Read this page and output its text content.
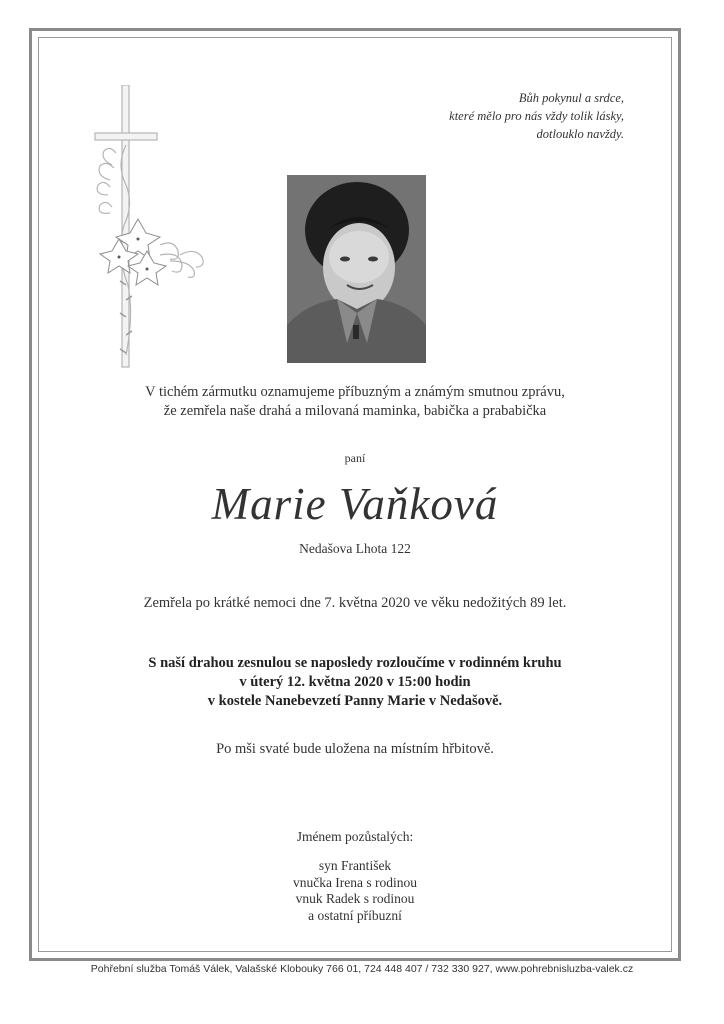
Bůh pokynul a srdce,
které mělo pro nás vždy tolik lásky,
dotlouklo navždy.
V tichém zármutku oznamujeme příbuzným a známým smutnou zprávu,
že zemřela naše drahá a milovaná maminka, babička a prababička
paní
Marie Vaňková
Nedašova Lhota 122
Zemřela po krátké nemoci dne 7. května 2020 ve věku nedožitých 89 let.
S naší drahou zesnulou se naposledy rozloučíme v rodinném kruhu
v úterý 12. května 2020 v 15:00 hodin
v kostele Nanebevzetí Panny Marie v Nedašově.
Po mši svaté bude uložena na místním hřbitově.
Jménem pozůstalých:
syn František
vnučka Irena s rodinou
vnuk Radek s rodinou
a ostatní příbuzní
Pohřební služba Tomáš Válek, Valašské Klobouky 766 01, 724 448 407 / 732 330 927, www.pohrebnisluzba-valek.cz
